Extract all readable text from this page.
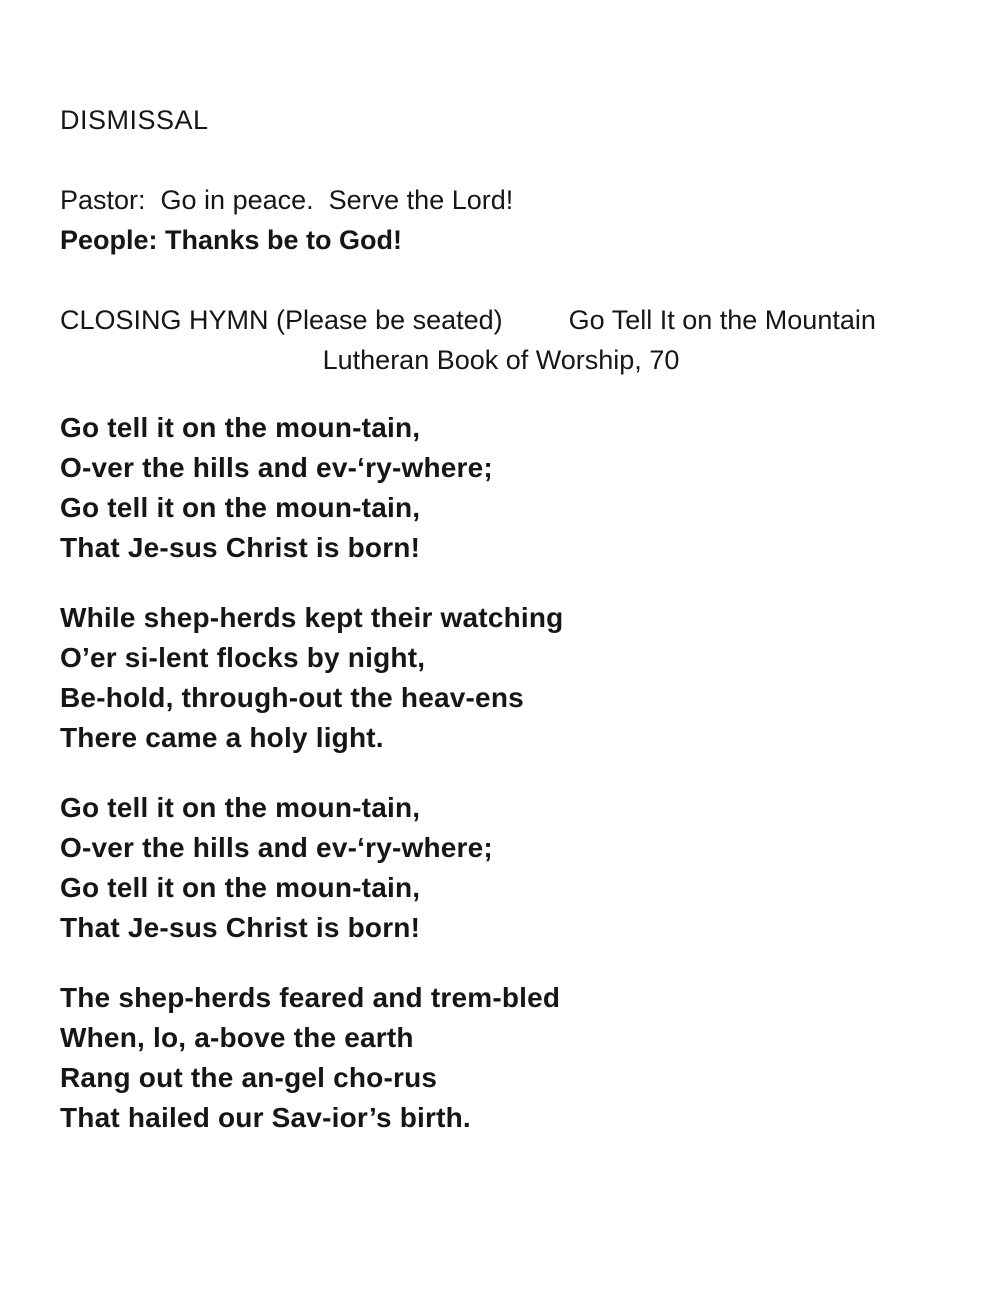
DISMISSAL
Pastor:  Go in peace.  Serve the Lord!
People: Thanks be to God!
CLOSING HYMN (Please be seated) Go Tell It on the Mountain
Lutheran Book of Worship, 70
Go tell it on the moun-tain,
O-ver the hills and ev-‘ry-where;
Go tell it on the moun-tain,
That Je-sus Christ is born!
While shep-herds kept their watching
O’er si-lent flocks by night,
Be-hold, through-out the heav-ens
There came a holy light.
Go tell it on the moun-tain,
O-ver the hills and ev-‘ry-where;
Go tell it on the moun-tain,
That Je-sus Christ is born!
The shep-herds feared and trem-bled
When, lo, a-bove the earth
Rang out the an-gel cho-rus
That hailed our Sav-ior’s birth.
